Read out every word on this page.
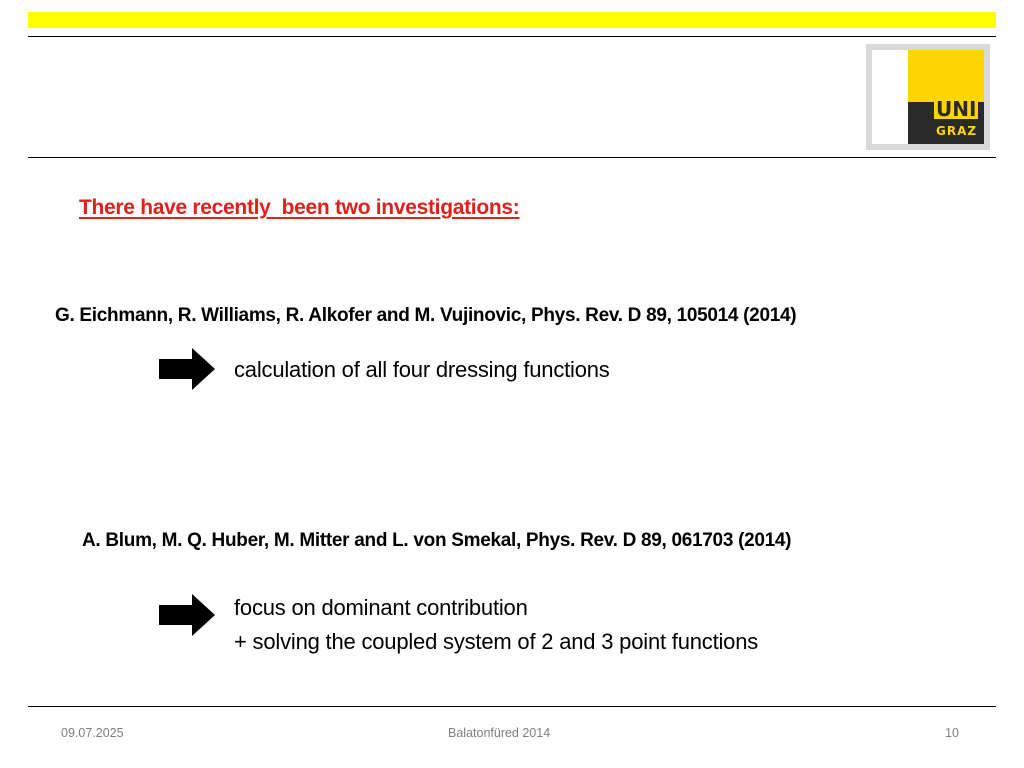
UNI
GRAZ
There have recently  been two investigations:
G. Eichmann, R. Williams, R. Alkofer and M. Vujinovic, Phys. Rev. D 89, 105014 (2014)
calculation of all four dressing functions
A. Blum, M. Q. Huber, M. Mitter and L. von Smekal, Phys. Rev. D 89, 061703 (2014)
focus on dominant contribution
+ solving the coupled system of 2 and 3 point functions
09.07.2025	Balatonfüred 2014	10
